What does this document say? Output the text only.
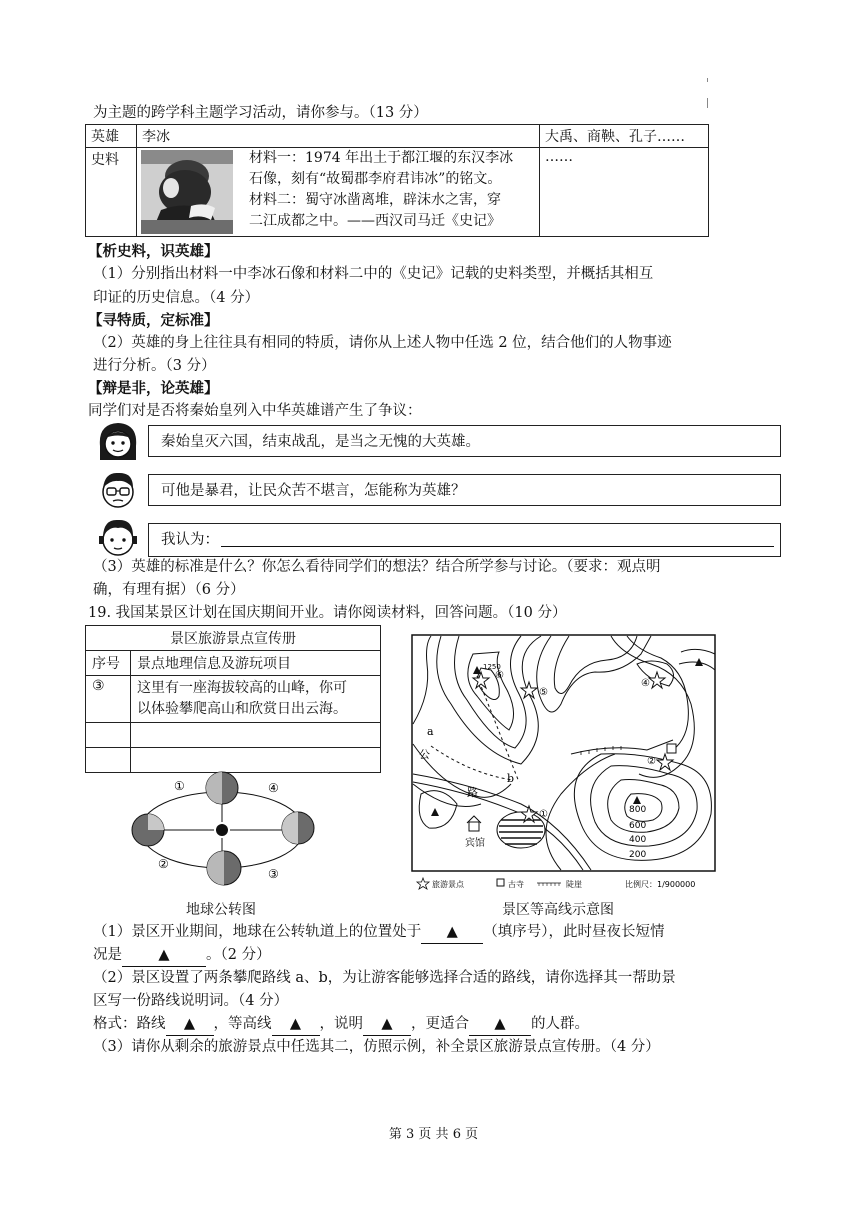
为主题的跨学科主题学习活动，请你参与。（13 分）
英雄	李冰	大禹、商鞅、孔子……
史料	材料一：1974 年出土于都江堰的东汉李冰
石像，刻有“故蜀郡李府君讳冰”的铭文。
材料二：蜀守冰凿离堆，辟沫水之害，穿
二江成都之中。——西汉司马迁《史记》	……
【析史料，识英雄】
（1）分别指出材料一中李冰石像和材料二中的《史记》记载的史料类型，并概括其相互
印证的历史信息。（4 分）
【寻特质，定标准】
（2）英雄的身上往往具有相同的特质，请你从上述人物中任选 2 位，结合他们的人物事迹
进行分析。（3 分）
【辩是非，论英雄】
同学们对是否将秦始皇列入中华英雄谱产生了争议：
秦始皇灭六国，结束战乱，是当之无愧的大英雄。
可他是暴君，让民众苦不堪言，怎能称为英雄？
我认为：
（3）英雄的标准是什么？你怎么看待同学们的想法？结合所学参与讨论。（要求：观点明
确，有理有据）（6 分）
19. 我国某景区计划在国庆期间开业。请你阅读材料，回答问题。（10 分）
景区旅游景点宣传册	
序号	景点地理信息及游玩项目
③	这里有一座海拔较高的山峰，你可
以体验攀爬高山和欣赏日出云海。

①
②
③
④
地球公转图
1250
⑥
⑤
④
②
①
a
b
公
路
宾馆
800
600
400
200
旅游景点	古寺	陡崖	比例尺：1/900000
景区等高线示意图
（1）景区开业期间，地球在公转轨道上的位置处于 ▲ （填序号），此时昼夜长短情
况是	▲	。（2 分）
（2）景区设置了两条攀爬路线 a、b，为让游客能够选择合适的路线，请你选择其一帮助景
区写一份路线说明词。（4 分）
格式：路线 ▲ ，等高线 ▲ ，说明 ▲ ，更适合 ▲ 的人群。
（3）请你从剩余的旅游景点中任选其二，仿照示例，补全景区旅游景点宣传册。（4 分）
第 3 页 共 6 页
